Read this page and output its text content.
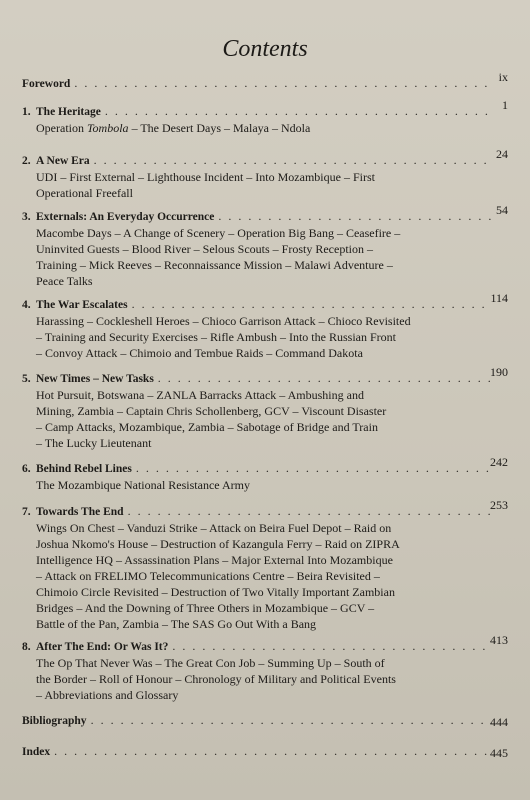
Contents
Foreword . . .	ix
1. The Heritage . . .	1
Operation Tombola – The Desert Days – Malaya – Ndola
2. A New Era . . .	24
UDI – First External – Lighthouse Incident – Into Mozambique – First
Operational Freefall
3. Externals: An Everyday Occurrence . . .	54
Macombe Days – A Change of Scenery – Operation Big Bang – Ceasefire –
Uninvited Guests – Blood River – Selous Scouts – Frosty Reception –
Training – Mick Reeves – Reconnaissance Mission – Malawi Adventure –
Peace Talks
4. The War Escalates . . .	114
Harassing – Cockleshell Heroes – Chioco Garrison Attack – Chioco Revisited
– Training and Security Exercises – Rifle Ambush – Into the Russian Front
– Convoy Attack – Chimoio and Tembue Raids – Command Dakota
5. New Times – New Tasks . . .	190
Hot Pursuit, Botswana – ZANLA Barracks Attack – Ambushing and
Mining, Zambia – Captain Chris Schollenberg, GCV – Viscount Disaster
– Camp Attacks, Mozambique, Zambia – Sabotage of Bridge and Train
– The Lucky Lieutenant
6. Behind Rebel Lines . . .	242
The Mozambique National Resistance Army
7. Towards The End . . .	253
Wings On Chest – Vanduzi Strike – Attack on Beira Fuel Depot – Raid on
Joshua Nkomo's House – Destruction of Kazangula Ferry – Raid on ZIPRA
Intelligence HQ – Assassination Plans – Major External Into Mozambique
– Attack on FRELIMO Telecommunications Centre – Beira Revisited –
Chimoio Circle Revisited – Destruction of Two Vitally Important Zambian
Bridges – And the Downing of Three Others in Mozambique – GCV –
Battle of the Pan, Zambia – The SAS Go Out With a Bang
8. After The End: Or Was It? . . .	413
The Op That Never Was – The Great Con Job – Summing Up – South of
the Border – Roll of Honour – Chronology of Military and Political Events
– Abbreviations and Glossary
Bibliography . . .	444
Index . . .	445
